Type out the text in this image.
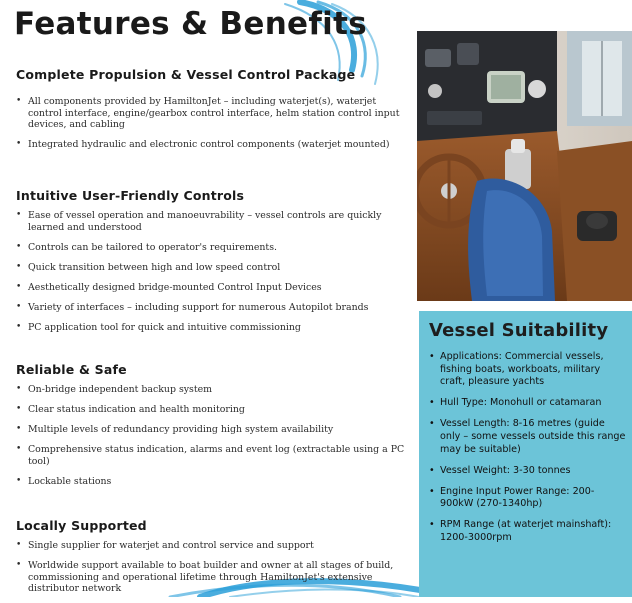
Features & Benefits
Complete Propulsion & Vessel Control Package
• All components provided by HamiltonJet – including waterjet(s), waterjet control interface, engine/gearbox control interface, helm station control input devices, and cabling
• Integrated hydraulic and electronic control components (waterjet mounted)
Intuitive User-Friendly Controls
• Ease of vessel operation and manoeuvrability – vessel controls are quickly learned and understood
• Controls can be tailored to operator's requirements.
• Quick transition between high and low speed control
• Aesthetically designed bridge-mounted Control Input Devices
• Variety of interfaces – including support for numerous Autopilot brands
• PC application tool for quick and intuitive commissioning
Reliable & Safe
• On-bridge independent backup system
• Clear status indication and health monitoring
• Multiple levels of redundancy providing high system availability
• Comprehensive status indication, alarms and event log (extractable using a PC tool)
• Lockable stations
Locally Supported
• Single supplier for waterjet and control service and support
• Worldwide support available to boat builder and owner at all stages of build, commissioning and operational lifetime through HamiltonJet's extensive distributor network
Vessel Suitability
• Applications: Commercial vessels, fishing boats, workboats, military craft, pleasure yachts
• Hull Type: Monohull or catamaran
• Vessel Length: 8-16 metres (guide only – some vessels outside this range may be suitable)
• Vessel Weight: 3-30 tonnes
• Engine Input Power Range: 200-900kW (270-1340hp)
• RPM Range (at waterjet mainshaft): 1200-3000rpm
